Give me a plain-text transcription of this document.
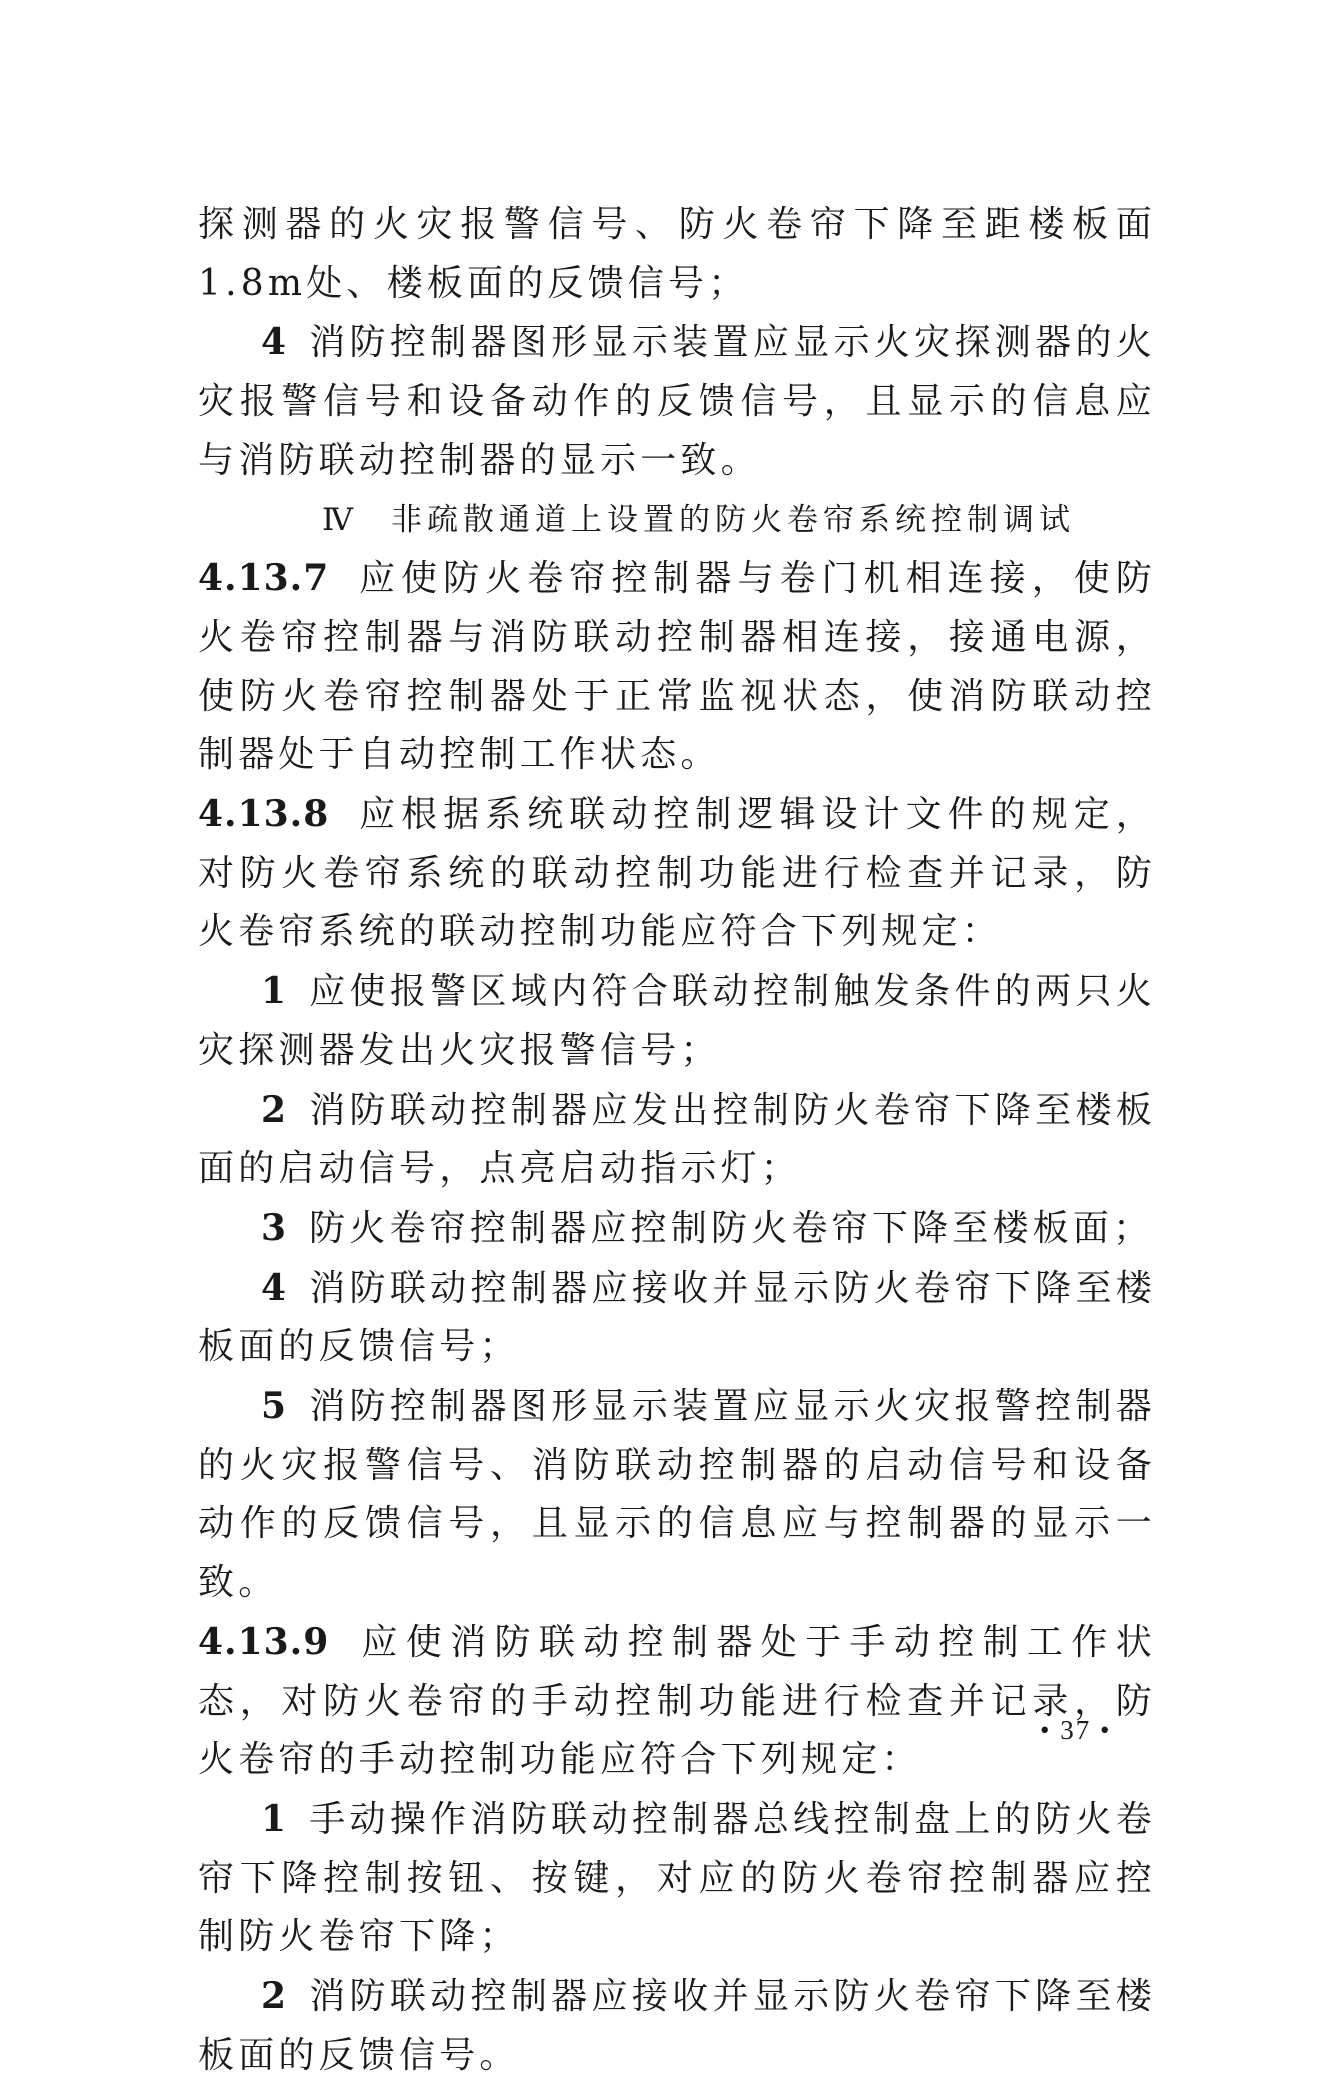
探测器的火灾报警信号、防火卷帘下降至距楼板面1.8m处、楼板面的反馈信号；

4 消防控制器图形显示装置应显示火灾探测器的火灾报警信号和设备动作的反馈信号，且显示的信息应与消防联动控制器的显示一致。

Ⅳ 非疏散通道上设置的防火卷帘系统控制调试

4.13.7 应使防火卷帘控制器与卷门机相连接，使防火卷帘控制器与消防联动控制器相连接，接通电源，使防火卷帘控制器处于正常监视状态，使消防联动控制器处于自动控制工作状态。

4.13.8 应根据系统联动控制逻辑设计文件的规定，对防火卷帘系统的联动控制功能进行检查并记录，防火卷帘系统的联动控制功能应符合下列规定：

1 应使报警区域内符合联动控制触发条件的两只火灾探测器发出火灾报警信号；

2 消防联动控制器应发出控制防火卷帘下降至楼板面的启动信号，点亮启动指示灯；

3 防火卷帘控制器应控制防火卷帘下降至楼板面；

4 消防联动控制器应接收并显示防火卷帘下降至楼板面的反馈信号；

5 消防控制器图形显示装置应显示火灾报警控制器的火灾报警信号、消防联动控制器的启动信号和设备动作的反馈信号，且显示的信息应与控制器的显示一致。

4.13.9 应使消防联动控制器处于手动控制工作状态，对防火卷帘的手动控制功能进行检查并记录，防火卷帘的手动控制功能应符合下列规定：

1 手动操作消防联动控制器总线控制盘上的防火卷帘下降控制按钮、按键，对应的防火卷帘控制器应控制防火卷帘下降；

2 消防联动控制器应接收并显示防火卷帘下降至楼板面的反馈信号。

• 37 •
